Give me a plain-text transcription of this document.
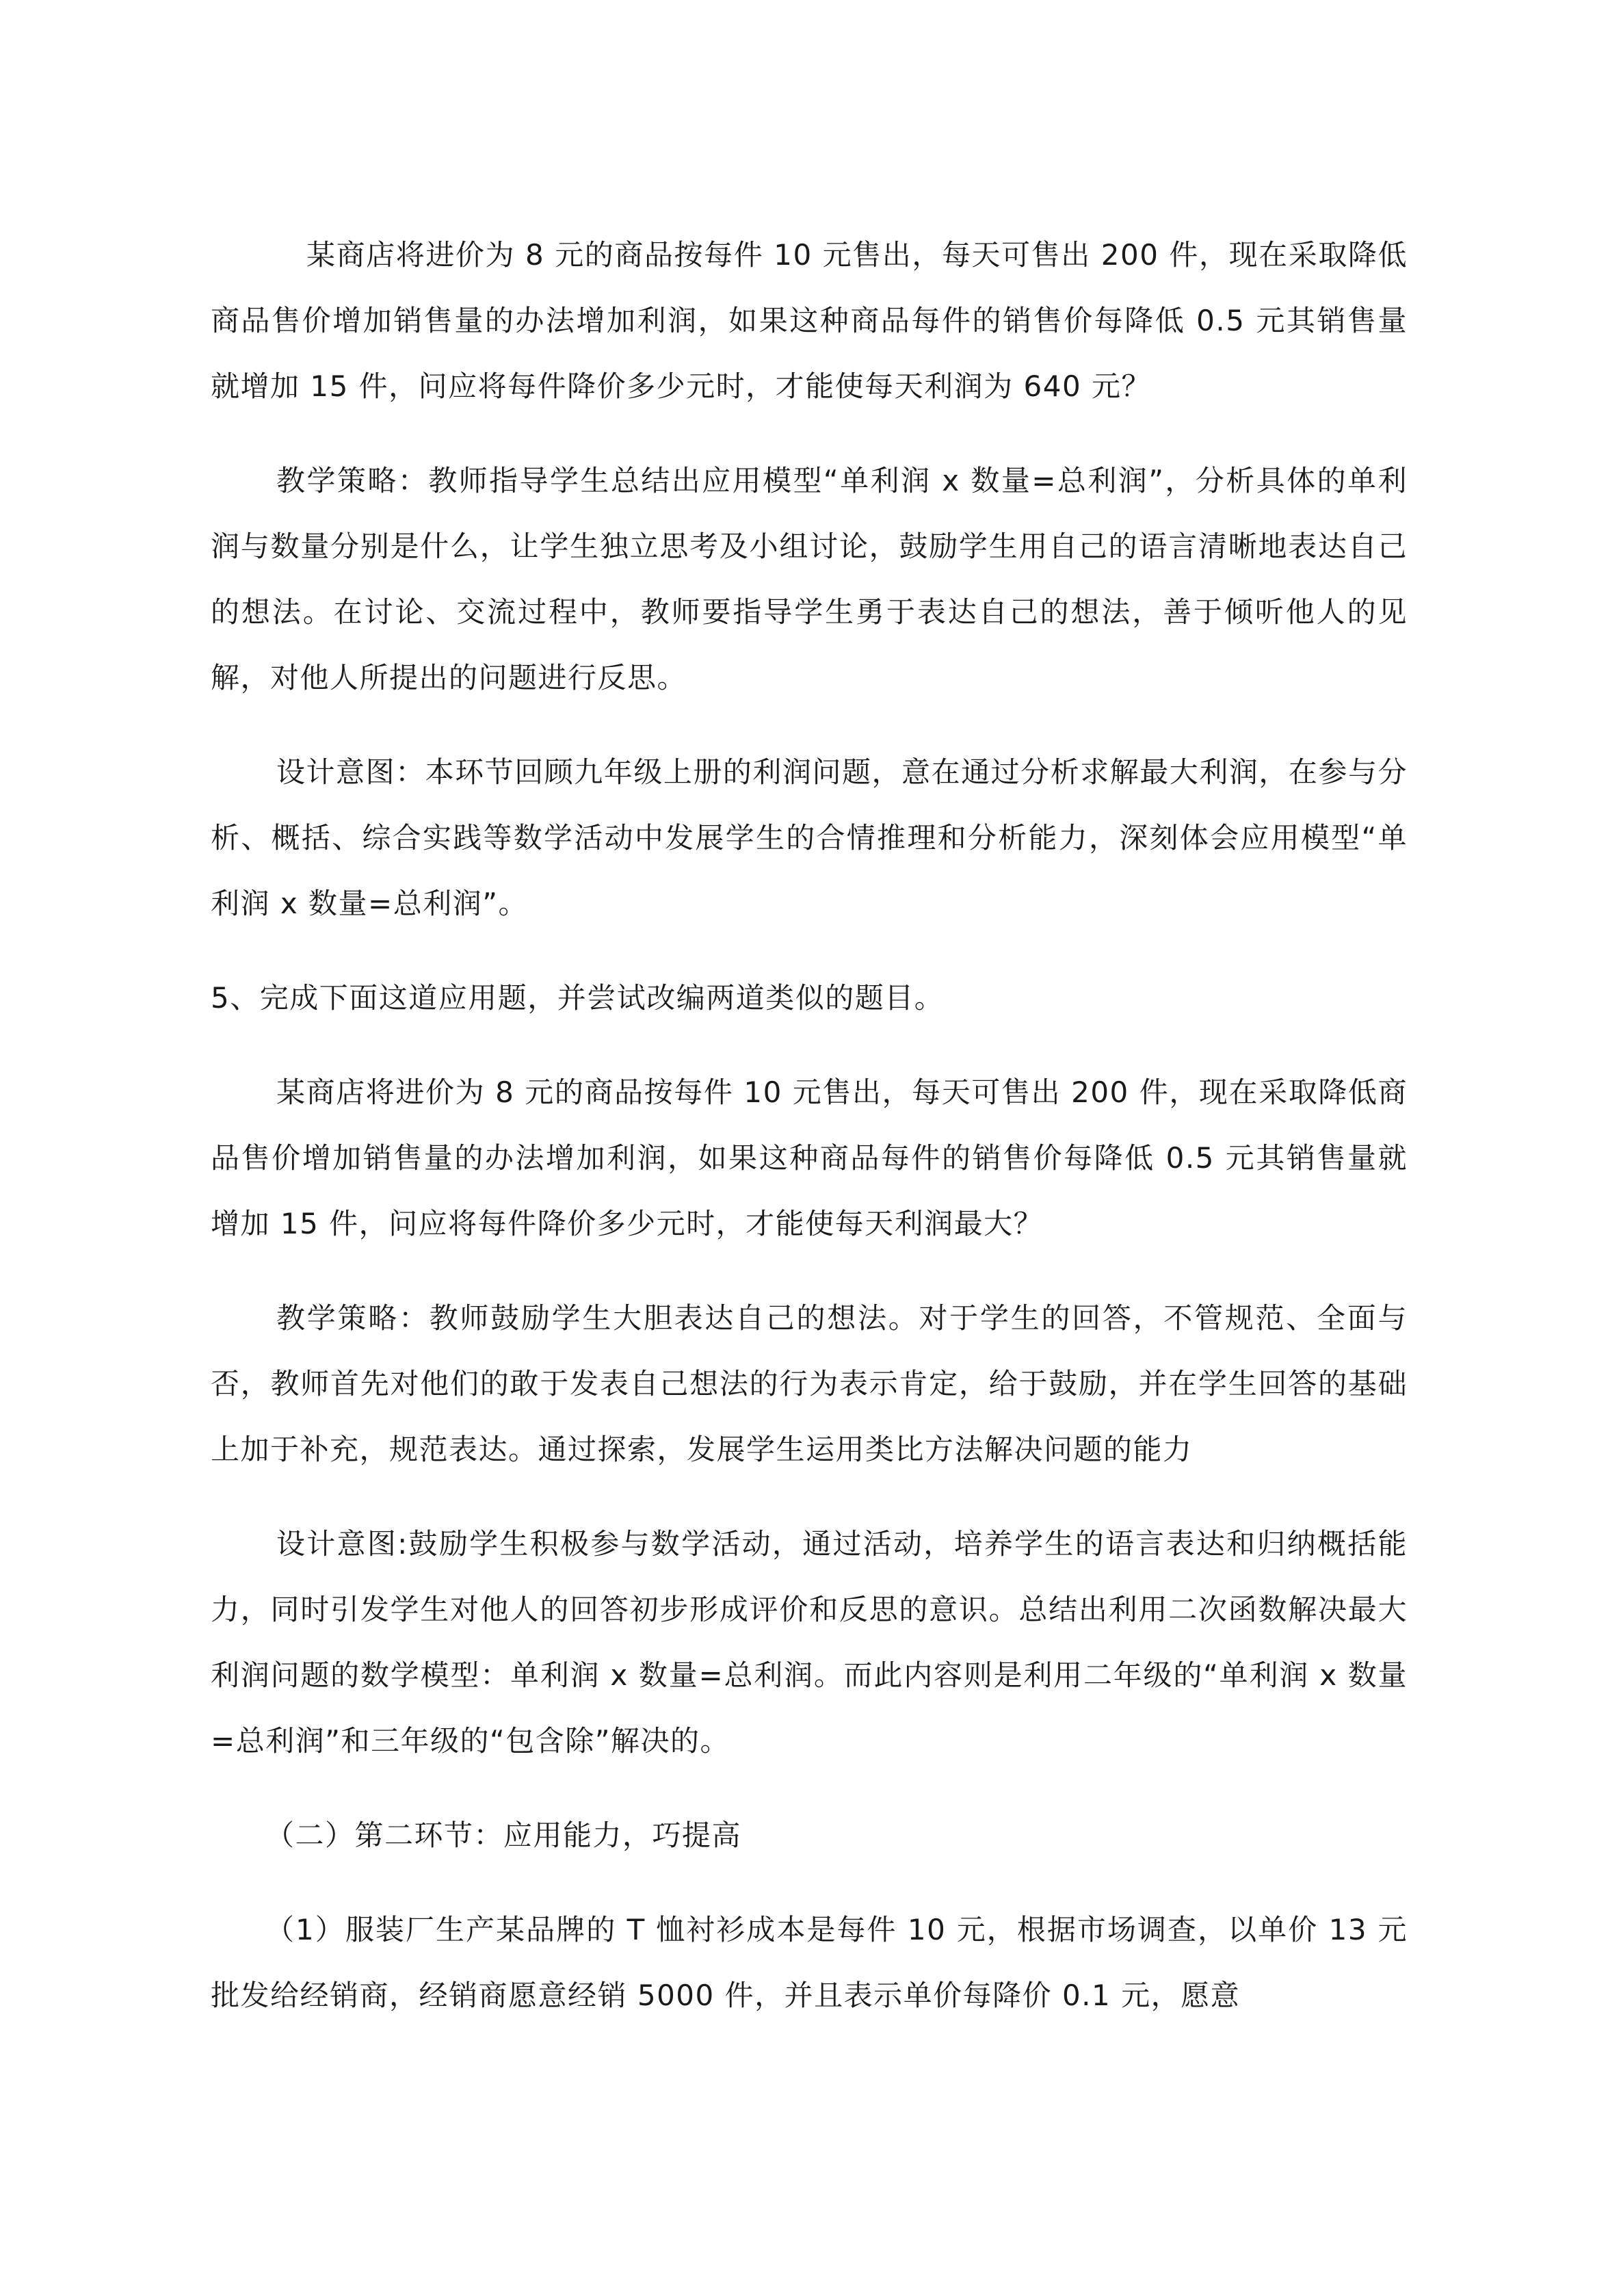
某商店将进价为 8 元的商品按每件 10 元售出，每天可售出 200 件，现在采取降低商品售价增加销售量的办法增加利润，如果这种商品每件的销售价每降低 0.5 元其销售量就增加 15 件，问应将每件降价多少元时，才能使每天利润为 640 元？

教学策略：教师指导学生总结出应用模型“单利润 x 数量=总利润”，分析具体的单利润与数量分别是什么，让学生独立思考及小组讨论，鼓励学生用自己的语言清晰地表达自己的想法。在讨论、交流过程中，教师要指导学生勇于表达自己的想法，善于倾听他人的见解，对他人所提出的问题进行反思。

设计意图：本环节回顾九年级上册的利润问题，意在通过分析求解最大利润，在参与分析、概括、综合实践等数学活动中发展学生的合情推理和分析能力，深刻体会应用模型“单利润 x 数量=总利润”。

5、完成下面这道应用题，并尝试改编两道类似的题目。

某商店将进价为 8 元的商品按每件 10 元售出，每天可售出 200 件，现在采取降低商品售价增加销售量的办法增加利润，如果这种商品每件的销售价每降低 0.5 元其销售量就增加 15 件，问应将每件降价多少元时，才能使每天利润最大？

教学策略：教师鼓励学生大胆表达自己的想法。对于学生的回答，不管规范、全面与否，教师首先对他们的敢于发表自己想法的行为表示肯定，给于鼓励，并在学生回答的基础上加于补充，规范表达。通过探索，发展学生运用类比方法解决问题的能力

设计意图:鼓励学生积极参与数学活动，通过活动，培养学生的语言表达和归纳概括能力，同时引发学生对他人的回答初步形成评价和反思的意识。总结出利用二次函数解决最大利润问题的数学模型：单利润 x 数量=总利润。而此内容则是利用二年级的“单利润 x 数量=总利润”和三年级的“包含除”解决的。

（二）第二环节：应用能力，巧提高

（1）服装厂生产某品牌的 T 恤衬衫成本是每件 10 元，根据市场调查，以单价 13 元批发给经销商，经销商愿意经销 5000 件，并且表示单价每降价 0.1 元，愿意
